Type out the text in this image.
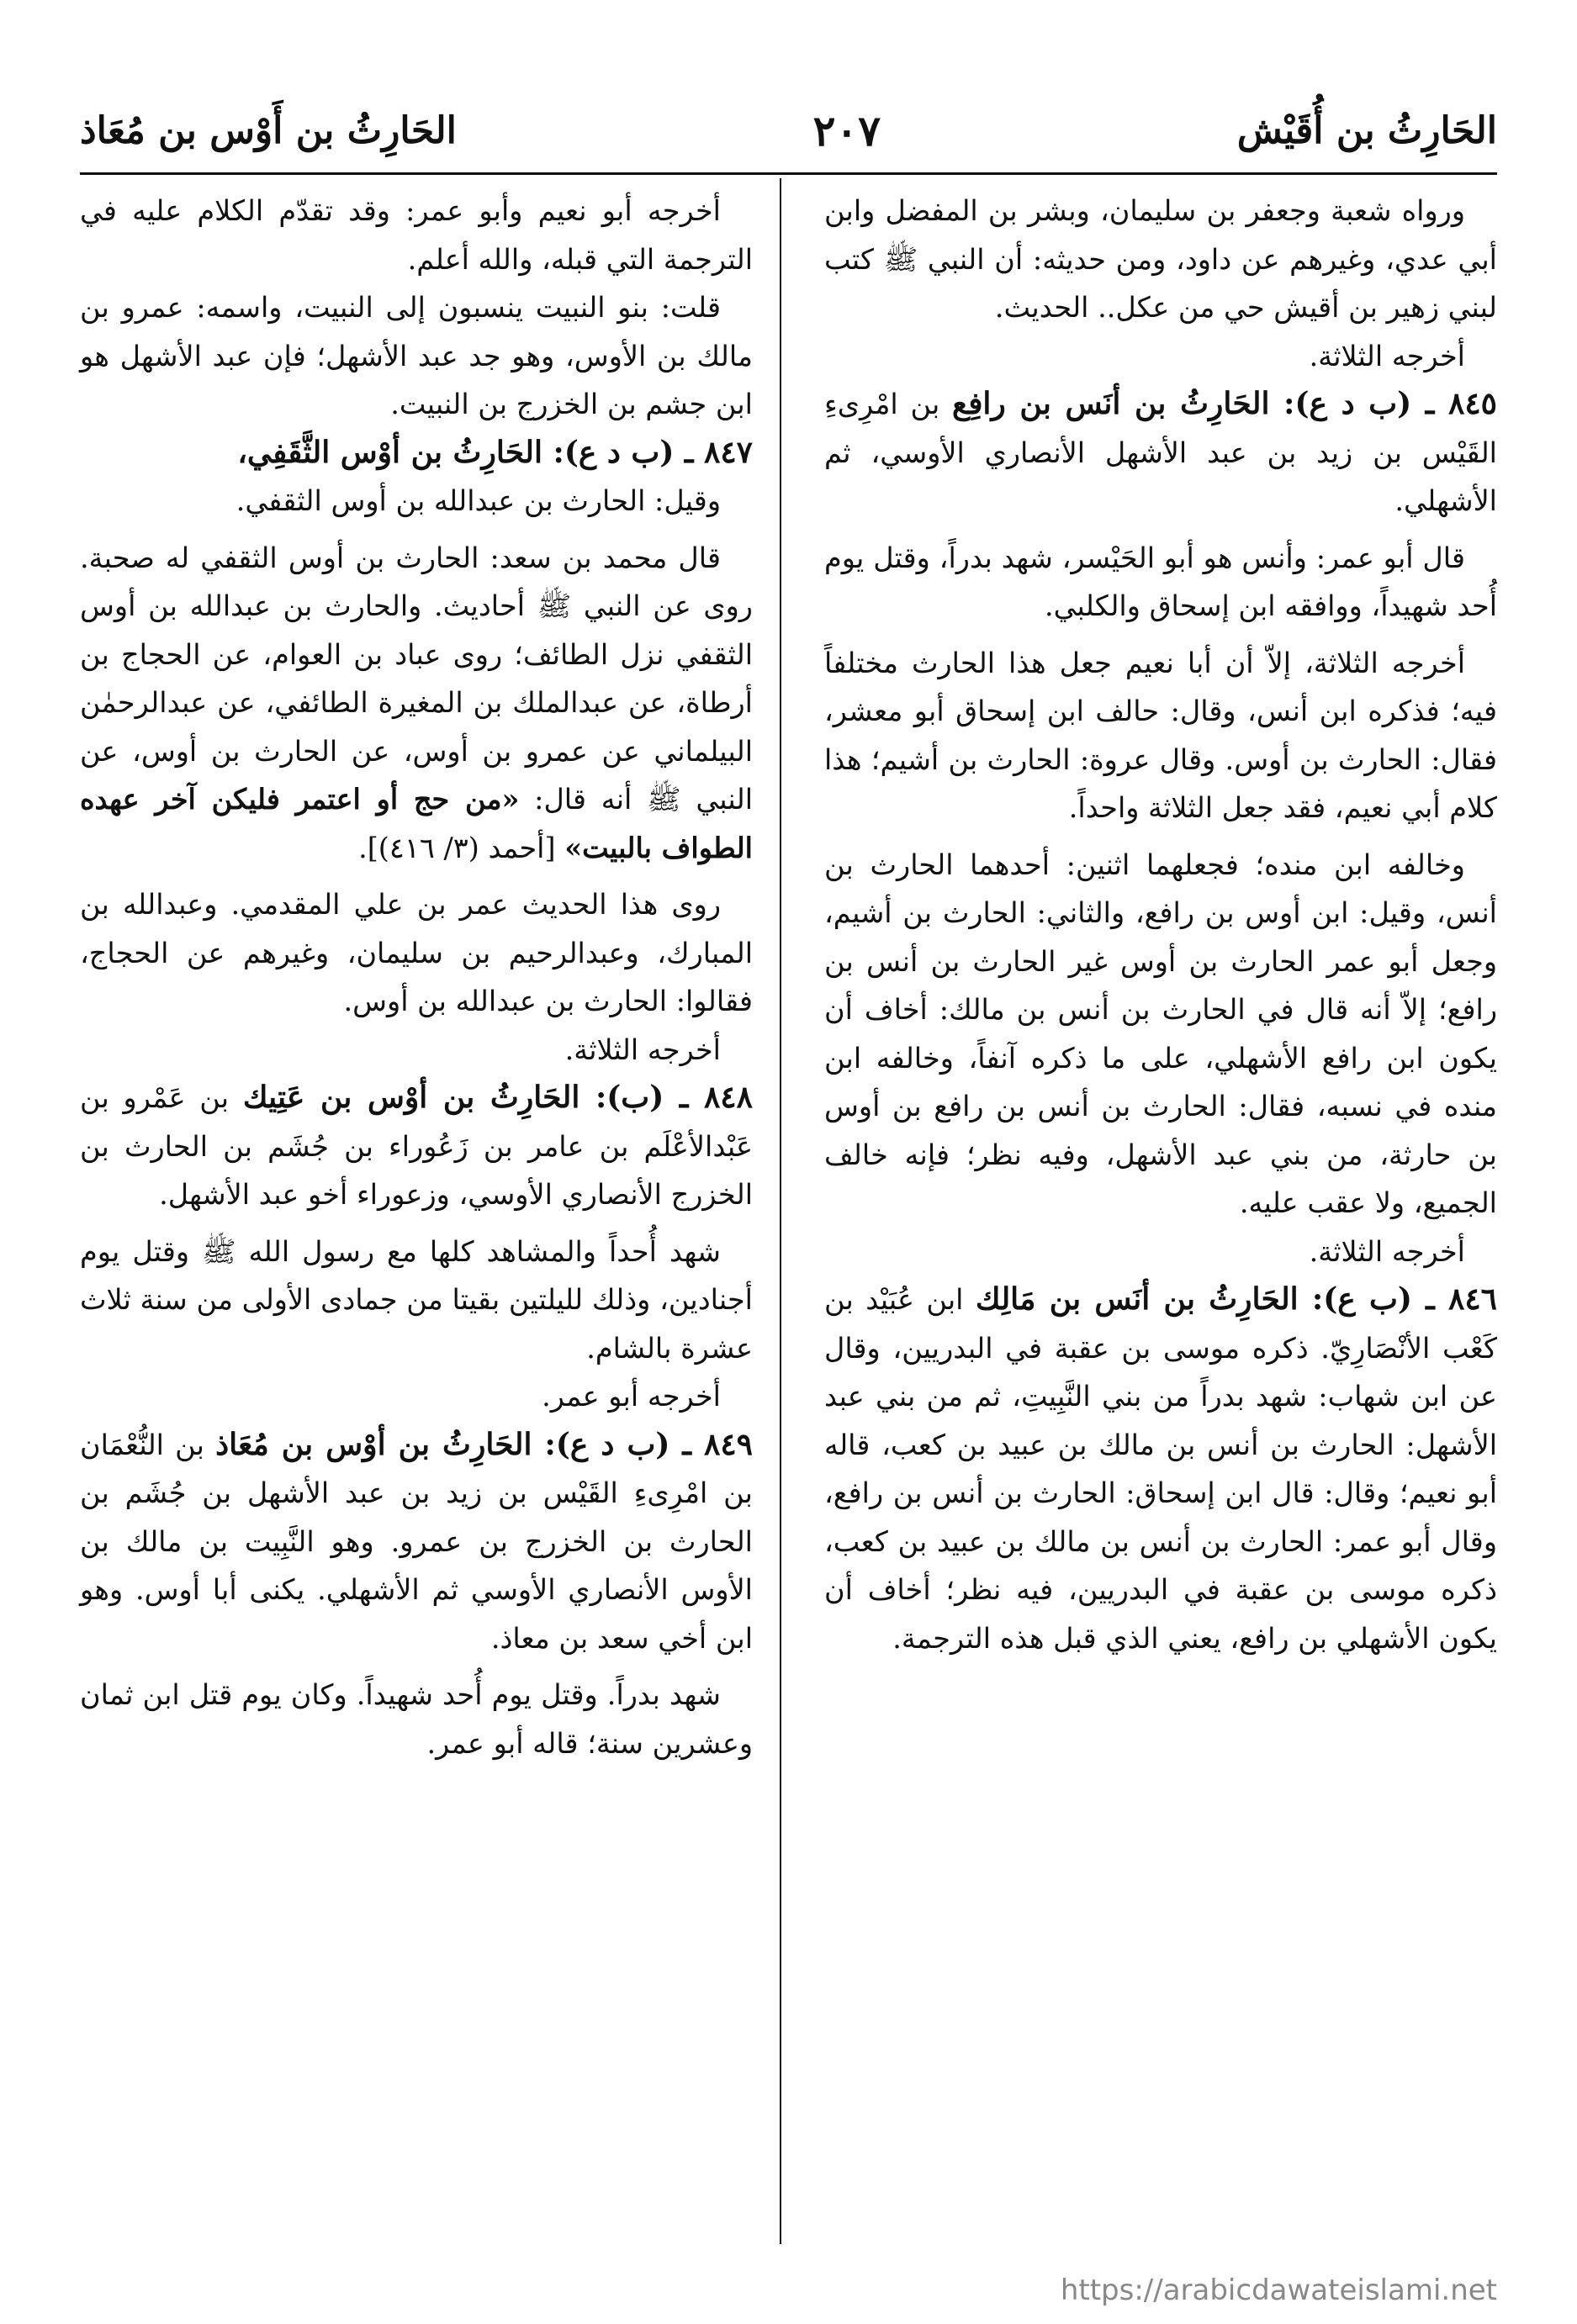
الحَارِثُ بن أُقَيْش
٢٠٧
الحَارِثُ بن أَوْس بن مُعَاذ

ورواه شعبة وجعفر بن سليمان، وبشر بن المفضل وابن أبي عدي، وغيرهم عن داود، ومن حديثه: أن النبي ﷺ كتب لبني زهير بن أقيش حي من عكل.. الحديث.

أخرجه الثلاثة.

٨٤٥ ـ (ب د ع): الحَارِثُ بن أنَس بن رافِع بن امْرِىءِ القَيْس بن زيد بن عبد الأشهل الأنصاري الأوسي، ثم الأشهلي.

قال أبو عمر: وأنس هو أبو الحَيْسر، شهد بدراً، وقتل يوم أُحد شهيداً، ووافقه ابن إسحاق والكلبي.

أخرجه الثلاثة، إلاّ أن أبا نعيم جعل هذا الحارث مختلفاً فيه؛ فذكره ابن أنس، وقال: حالف ابن إسحاق أبو معشر، فقال: الحارث بن أوس. وقال عروة: الحارث بن أشيم؛ هذا كلام أبي نعيم، فقد جعل الثلاثة واحداً.

وخالفه ابن منده؛ فجعلهما اثنين: أحدهما الحارث بن أنس، وقيل: ابن أوس بن رافع، والثاني: الحارث بن أشيم، وجعل أبو عمر الحارث بن أوس غير الحارث بن أنس بن رافع؛ إلاّ أنه قال في الحارث بن أنس بن مالك: أخاف أن يكون ابن رافع الأشهلي، على ما ذكره آنفاً، وخالفه ابن منده في نسبه، فقال: الحارث بن أنس بن رافع بن أوس بن حارثة، من بني عبد الأشهل، وفيه نظر؛ فإنه خالف الجميع، ولا عقب عليه.

أخرجه الثلاثة.

٨٤٦ ـ (ب ع): الحَارِثُ بن أنَس بن مَالِك ابن عُبَيْد بن كَعْب الأنْصَارِيّ. ذكره موسى بن عقبة في البدريين، وقال عن ابن شهاب: شهد بدراً من بني النَّبِيتِ، ثم من بني عبد الأشهل: الحارث بن أنس بن مالك بن عبيد بن كعب، قاله أبو نعيم؛ وقال: قال ابن إسحاق: الحارث بن أنس بن رافع، وقال أبو عمر: الحارث بن أنس بن مالك بن عبيد بن كعب، ذكره موسى بن عقبة في البدريين، فيه نظر؛ أخاف أن يكون الأشهلي بن رافع، يعني الذي قبل هذه الترجمة.

أخرجه أبو نعيم وأبو عمر: وقد تقدّم الكلام عليه في الترجمة التي قبله، والله أعلم.

قلت: بنو النبيت ينسبون إلى النبيت، واسمه: عمرو بن مالك بن الأوس، وهو جد عبد الأشهل؛ فإن عبد الأشهل هو ابن جشم بن الخزرج بن النبيت.

٨٤٧ ـ (ب د ع): الحَارِثُ بن أوْس الثَّقَفِي،

وقيل: الحارث بن عبدالله بن أوس الثقفي.

قال محمد بن سعد: الحارث بن أوس الثقفي له صحبة. روى عن النبي ﷺ أحاديث. والحارث بن عبدالله بن أوس الثقفي نزل الطائف؛ روى عباد بن العوام، عن الحجاج بن أرطاة، عن عبدالملك بن المغيرة الطائفي، عن عبدالرحمٰن البيلماني عن عمرو بن أوس، عن الحارث بن أوس، عن النبي ﷺ أنه قال: «من حج أو اعتمر فليكن آخر عهده الطواف بالبيت» [أحمد (٣/ ٤١٦)].

روى هذا الحديث عمر بن علي المقدمي. وعبدالله بن المبارك، وعبدالرحيم بن سليمان، وغيرهم عن الحجاج، فقالوا: الحارث بن عبدالله بن أوس.

أخرجه الثلاثة.

٨٤٨ ـ (ب): الحَارِثُ بن أوْس بن عَتِيك بن عَمْرو بن عَبْدالأعْلَم بن عامر بن زَعُوراء بن جُشَم بن الحارث بن الخزرج الأنصاري الأوسي، وزعوراء أخو عبد الأشهل.

شهد أُحداً والمشاهد كلها مع رسول الله ﷺ وقتل يوم أجنادين، وذلك لليلتين بقيتا من جمادى الأولى من سنة ثلاث عشرة بالشام.

أخرجه أبو عمر.

٨٤٩ ـ (ب د ع): الحَارِثُ بن أوْس بن مُعَاذ بن النُّعْمَان بن امْرِىءِ القَيْس بن زيد بن عبد الأشهل بن جُشَم بن الحارث بن الخزرج بن عمرو. وهو النَّبِيت بن مالك بن الأوس الأنصاري الأوسي ثم الأشهلي. يكنى أبا أوس. وهو ابن أخي سعد بن معاذ.

شهد بدراً. وقتل يوم أُحد شهيداً. وكان يوم قتل ابن ثمان وعشرين سنة؛ قاله أبو عمر.

https://arabicdawateislami.net
